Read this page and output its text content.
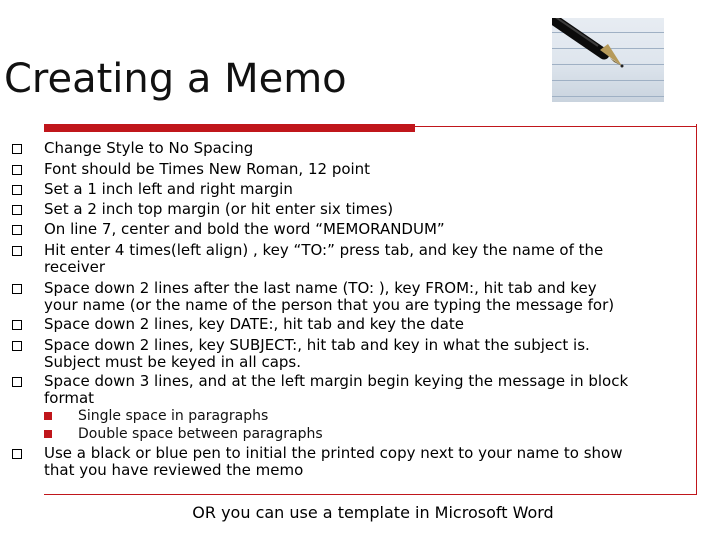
Creating a Memo
Change Style to No Spacing
Font should be Times New Roman, 12 point
Set a 1 inch left and right margin
Set a 2 inch top margin (or hit enter six times)
On line 7, center and bold the word “MEMORANDUM”
Hit enter 4 times(left align) , key “TO:” press tab, and key the name of the
receiver
Space down 2 lines after the last name (TO: ), key FROM:, hit tab and key
your name (or the name of the person that you are typing the message for)
Space down 2 lines, key DATE:, hit tab and key the date
Space down 2 lines, key SUBJECT:, hit tab and key in what the subject is.
Subject must be keyed in all caps.
Space down 3 lines, and at the left margin begin keying the message in block
format
Single space in paragraphs
Double space between paragraphs
Use a black or blue pen to initial the printed copy next to your name to show
that you have reviewed the memo
OR you can use a template in Microsoft Word
